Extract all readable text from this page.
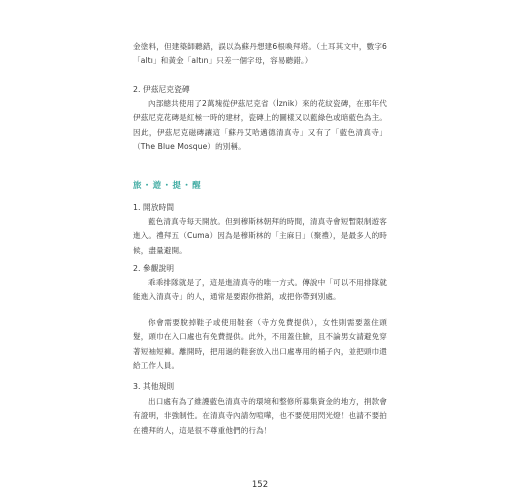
金塗料，但建築師聽錯，誤以為蘇丹想建6根喚拜塔。（土耳其文中，數字6「altı」和黃金「altın」只差一個字母，容易聽錯。）

2. 伊茲尼克瓷磚

內部總共使用了2萬塊從伊茲尼克省（İznik）來的花紋瓷磚，在那年代伊茲尼克花磚是紅極一時的建材，瓷磚上的圖樣又以藍綠色或暗藍色為主。因此，伊茲尼克磁磚讓這「蘇丹艾哈邁德清真寺」又有了「藍色清真寺」（The Blue Mosque）的別稱。

旅・遊・提・醒

1. 開放時間

藍色清真寺每天開放。但到穆斯林朝拜的時間，清真寺會短暫限制遊客進入。禮拜五（Cuma）因為是穆斯林的「主麻日」（聚禮），是最多人的時候，盡量避開。

2. 參觀說明

乖乖排隊就是了，這是進清真寺的唯一方式。傳說中「可以不用排隊就能進入清真寺」的人，通常是要跟你推銷，或把你帶到別處。

你會需要脫掉鞋子或使用鞋套（寺方免費提供），女性則需要蓋住頭髮，頭巾在入口處也有免費提供。此外，不用蓋住臉，且不論男女請避免穿著短袖短褲。離開時，把用過的鞋套放入出口處專用的桶子內，並把頭巾還給工作人員。

3. 其他規則

出口處有為了維護藍色清真寺的環境和整修所募集資金的地方，捐款會有證明，非強制性。在清真寺內請勿喧嘩，也不要使用閃光燈！也請不要拍在禮拜的人，這是很不尊重他們的行為！

152
